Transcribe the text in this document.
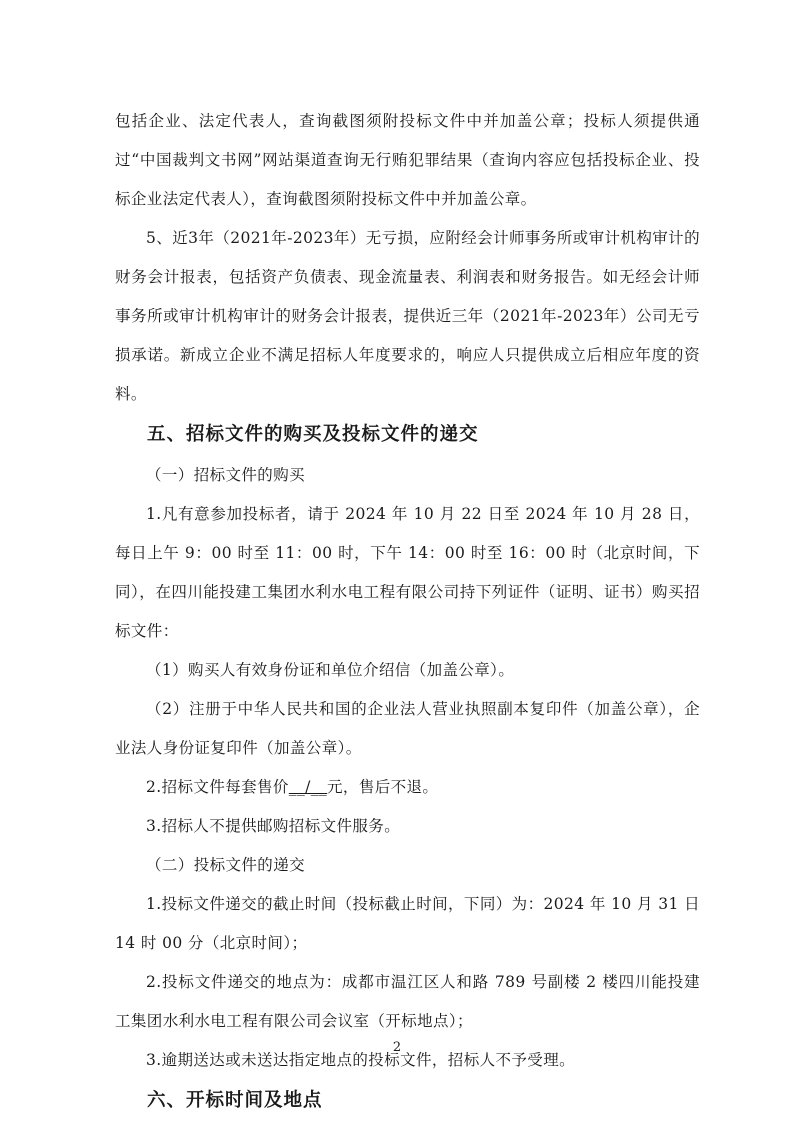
包括企业、法定代表人，查询截图须附投标文件中并加盖公章；投标人须提供通过“中国裁判文书网”网站渠道查询无行贿犯罪结果（查询内容应包括投标企业、投标企业法定代表人），查询截图须附投标文件中并加盖公章。

5、近3年（2021年-2023年）无亏损，应附经会计师事务所或审计机构审计的财务会计报表，包括资产负债表、现金流量表、利润表和财务报告。如无经会计师事务所或审计机构审计的财务会计报表，提供近三年（2021年-2023年）公司无亏损承诺。新成立企业不满足招标人年度要求的，响应人只提供成立后相应年度的资料。

五、招标文件的购买及投标文件的递交

（一）招标文件的购买

1.凡有意参加投标者，请于 2024 年 10 月 22 日至 2024 年 10 月 28 日，每日上午 9：00 时至 11：00 时，下午 14：00 时至 16：00 时（北京时间，下同），在四川能投建工集团水利水电工程有限公司持下列证件（证明、证书）购买招标文件：

（1）购买人有效身份证和单位介绍信（加盖公章）。

（2）注册于中华人民共和国的企业法人营业执照副本复印件（加盖公章），企业法人身份证复印件（加盖公章）。

2.招标文件每套售价__/__元，售后不退。

3.招标人不提供邮购招标文件服务。

（二）投标文件的递交

1.投标文件递交的截止时间（投标截止时间，下同）为：2024 年 10 月 31 日 14 时 00 分（北京时间）；

2.投标文件递交的地点为：成都市温江区人和路 789 号副楼 2 楼四川能投建工集团水利水电工程有限公司会议室（开标地点）；

3.逾期送达或未送达指定地点的投标文件，招标人不予受理。

六、开标时间及地点
2
